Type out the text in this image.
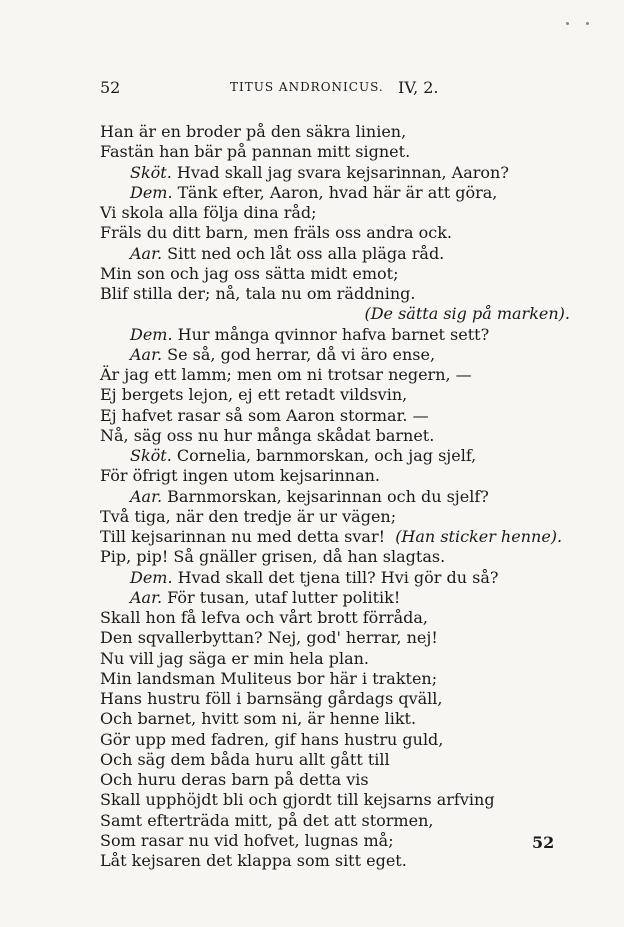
52	TITUS ANDRONICUS. IV, 2.
Han är en broder på den säkra linien,
Fastän han bär på pannan mitt signet.
Sköt. Hvad skall jag svara kejsarinnan, Aaron?
Dem. Tänk efter, Aaron, hvad här är att göra,
Vi skola alla följa dina råd;
Fräls du ditt barn, men fräls oss andra ock.
Aar. Sitt ned och låt oss alla pläga råd.
Min son och jag oss sätta midt emot;
Blif stilla der; nå, tala nu om räddning.
(De sätta sig på marken).
Dem. Hur många qvinnor hafva barnet sett?
Aar. Se så, god herrar, då vi äro ense,
Är jag ett lamm; men om ni trotsar negern, —
Ej bergets lejon, ej ett retadt vildsvin,
Ej hafvet rasar så som Aaron stormar. —
Nå, säg oss nu hur många skådat barnet.
Sköt. Cornelia, barnmorskan, och jag sjelf,
För öfrigt ingen utom kejsarinnan.
Aar. Barnmorskan, kejsarinnan och du sjelf?
Två tiga, när den tredje är ur vägen;
Till kejsarinnan nu med detta svar! (Han sticker henne).
Pip, pip! Så gnäller grisen, då han slagtas.
Dem. Hvad skall det tjena till? Hvi gör du så?
Aar. För tusan, utaf lutter politik!
Skall hon få lefva och vårt brott förråda,
Den sqvallerbyttan? Nej, god' herrar, nej!
Nu vill jag säga er min hela plan.
Min landsman Muliteus bor här i trakten;
Hans hustru föll i barnsäng gårdags qväll,
Och barnet, hvitt som ni, är henne likt.
Gör upp med fadren, gif hans hustru guld,
Och säg dem båda huru allt gått till
Och huru deras barn på detta vis
Skall upphöjdt bli och gjordt till kejsarns arfving
Samt efterträda mitt, på det att stormen,
Som rasar nu vid hofvet, lugnas må;
Låt kejsaren det klappa som sitt eget.
52
